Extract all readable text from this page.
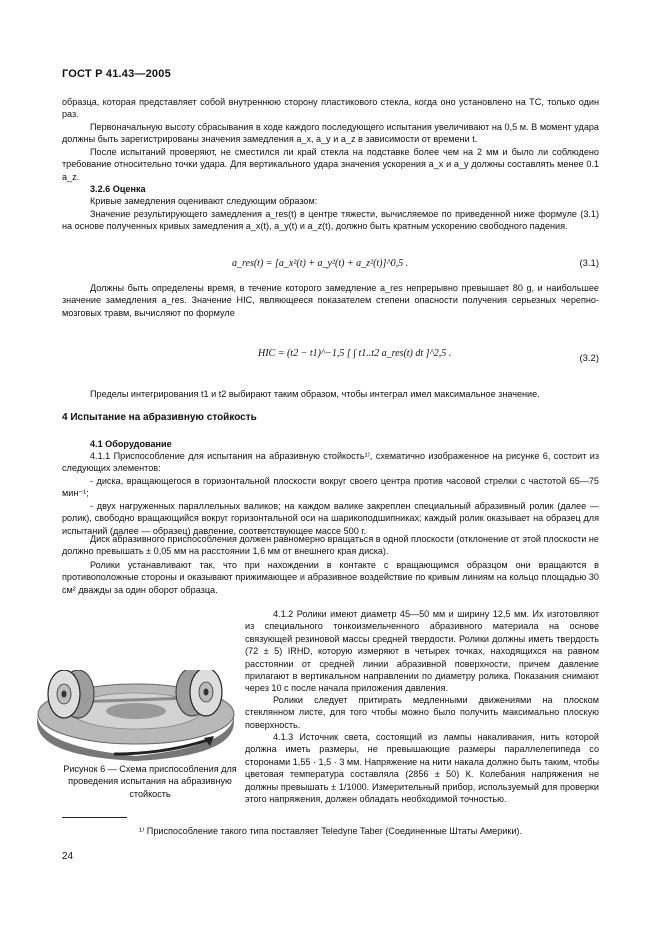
ГОСТ Р 41.43—2005

образца, которая представляет собой внутреннюю сторону пластикового стекла, когда оно установлено на ТС, только один раз.

Первоначальную высоту сбрасывания в ходе каждого последующего испытания увеличивают на 0,5 м. В момент удара должны быть зарегистрированы значения замедления a_x, a_y и a_z в зависимости от времени t.

После испытаний проверяют, не сместился ли край стекла на подставке более чем на 2 мм и было ли соблюдено требование относительно точки удара. Для вертикального удара значения ускорения a_x и a_y должны составлять менее 0.1 a_z.

3.2.6 Оценка

Кривые замедления оценивают следующим образом:

Значение результирующего замедления a_res(t) в центре тяжести, вычисляемое по приведенной ниже формуле (3.1) на основе полученных кривых замедления a_x(t), a_y(t) и a_z(t), должно быть кратным ускорению свободного падения.

a_res(t) = [a_x²(t) + a_y²(t) + a_z²(t)]^0,5 .	(3.1)

Должны быть определены время, в течение которого замедление a_res непрерывно превышает 80 g, и наибольшее значение замедления a_res. Значение HIC, являющееся показателем степени опасности получения серьезных черепно-мозговых травм, вычисляют по формуле

HIC = (t2 − t1)^−1,5 [ ∫ t1..t2 a_res(t) dt ]^2,5 .	(3.2)

Пределы интегрирования t1 и t2 выбирают таким образом, чтобы интеграл имел максимальное значение.

4 Испытание на абразивную стойкость

4.1 Оборудование

4.1.1 Приспособление для испытания на абразивную стойкость¹⁾, схематично изображенное на рисунке 6, состоит из следующих элементов:

- диска, вращающегося в горизонтальной плоскости вокруг своего центра против часовой стрелки с частотой 65—75 мин⁻¹;

- двух нагруженных параллельных валиков; на каждом валике закреплен специальный абразивный ролик (далее — ролик), свободно вращающийся вокруг горизонтальной оси на шарикоподшипниках; каждый ролик оказывает на образец для испытаний (далее — образец) давление, соответствующее массе 500 г.

Диск абразивного приспособления должен равномерно вращаться в одной плоскости (отклонение от этой плоскости не должно превышать ± 0,05 мм на расстоянии 1,6 мм от внешнего края диска).

Ролики устанавливают так, что при нахождении в контакте с вращающимся образцом они вращаются в противоположные стороны и оказывают прижимающее и абразивное воздействие по кривым линиям на кольцо площадью 30 см² дважды за один оборот образца.

Рисунок 6 — Схема приспособления для проведения испытания на абразивную стойкость

4.1.2 Ролики имеют диаметр 45—50 мм и ширину 12,5 мм. Их изготовляют из специального тонкоизмельченного абразивного материала на основе связующей резиновой массы средней твердости. Ролики должны иметь твердость (72 ± 5) IRHD, которую измеряют в четырех точках, находящихся на равном расстоянии от средней линии абразивной поверхности, причем давление прилагают в вертикальном направлении по диаметру ролика. Показания снимают через 10 с после начала приложения давления.

Ролики следует притирать медленными движениями на плоском стеклянном листе, для того чтобы можно было получить максимально плоскую поверхность.

4.1.3 Источник света, состоящий из лампы накаливания, нить которой должна иметь размеры, не превышающие размеры параллелепипеда со сторонами 1,55 · 1,5 · 3 мм. Напряжение на нити накала должно быть таким, чтобы цветовая температура составляла (2856 ± 50) К. Колебания напряжения не должны превышать ± 1/1000. Измерительный прибор, используемый для проверки этого напряжения, должен обладать необходимой точностью.

¹⁾ Приспособление такого типа поставляет Teledyne Taber (Соединенные Штаты Америки).
24
